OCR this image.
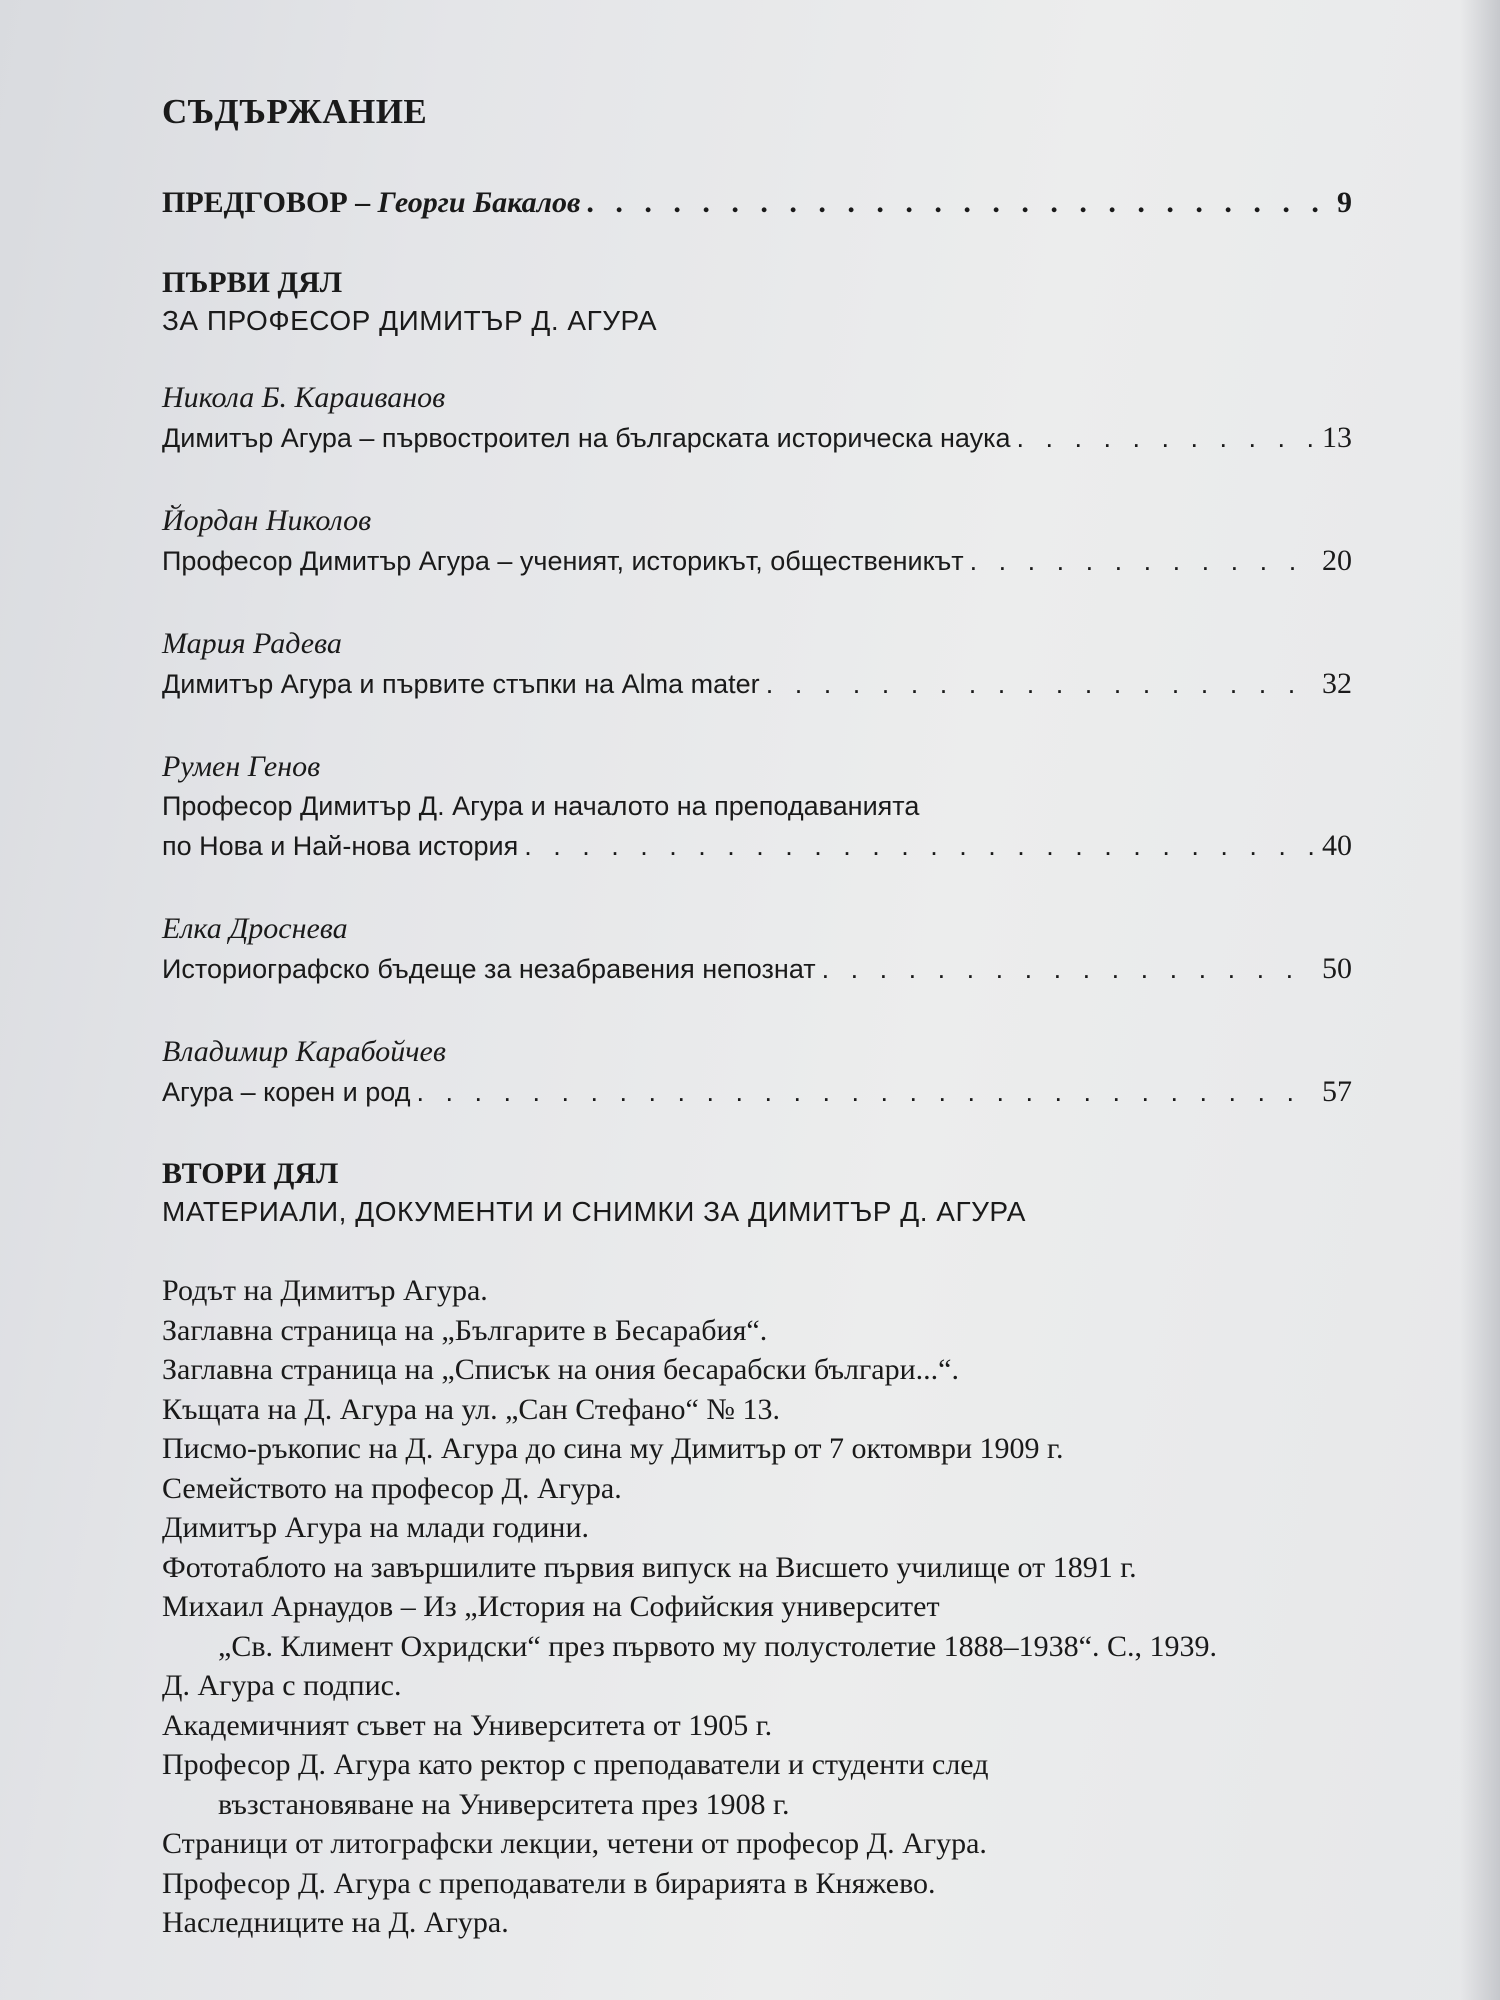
СЪДЪРЖАНИЕ
ПРЕДГОВОР – Георги Бакалов . . .	9
ПЪРВИ ДЯЛ
ЗА ПРОФЕСОР ДИМИТЪР Д. АГУРА
Никола Б. Караиванов
Димитър Агура – първостроител на българската историческа наука . . .	13
Йордан Николов
Професор Димитър Агура – ученият, историкът, общественикът . . .	20
Мария Радева
Димитър Агура и първите стъпки на Alma mater . . .	32
Румен Генов
Професор Димитър Д. Агура и началото на преподаванията
по Нова и Най-нова история . . .	40
Елка Дроснева
Историографско бъдеще за незабравения непознат . . .	50
Владимир Карабойчев
Агура – корен и род . . .	57
ВТОРИ ДЯЛ
МАТЕРИАЛИ, ДОКУМЕНТИ И СНИМКИ ЗА ДИМИТЪР Д. АГУРА
Родът на Димитър Агура.
Заглавна страница на „Българите в Бесарабия“.
Заглавна страница на „Списък на ония бесарабски българи...“.
Къщата на Д. Агура на ул. „Сан Стефано“ № 13.
Писмо-ръкопис на Д. Агура до сина му Димитър от 7 октомври 1909 г.
Семейството на професор Д. Агура.
Димитър Агура на млади години.
Фототаблото на завършилите първия випуск на Висшето училище от 1891 г.
Михаил Арнаудов – Из „История на Софийския университет
„Св. Климент Охридски“ през първото му полустолетие 1888–1938“. С., 1939.
Д. Агура с подпис.
Академичният съвет на Университета от 1905 г.
Професор Д. Агура като ректор с преподаватели и студенти след
възстановяване на Университета през 1908 г.
Страници от литографски лекции, четени от професор Д. Агура.
Професор Д. Агура с преподаватели в бирарията в Княжево.
Наследниците на Д. Агура.
